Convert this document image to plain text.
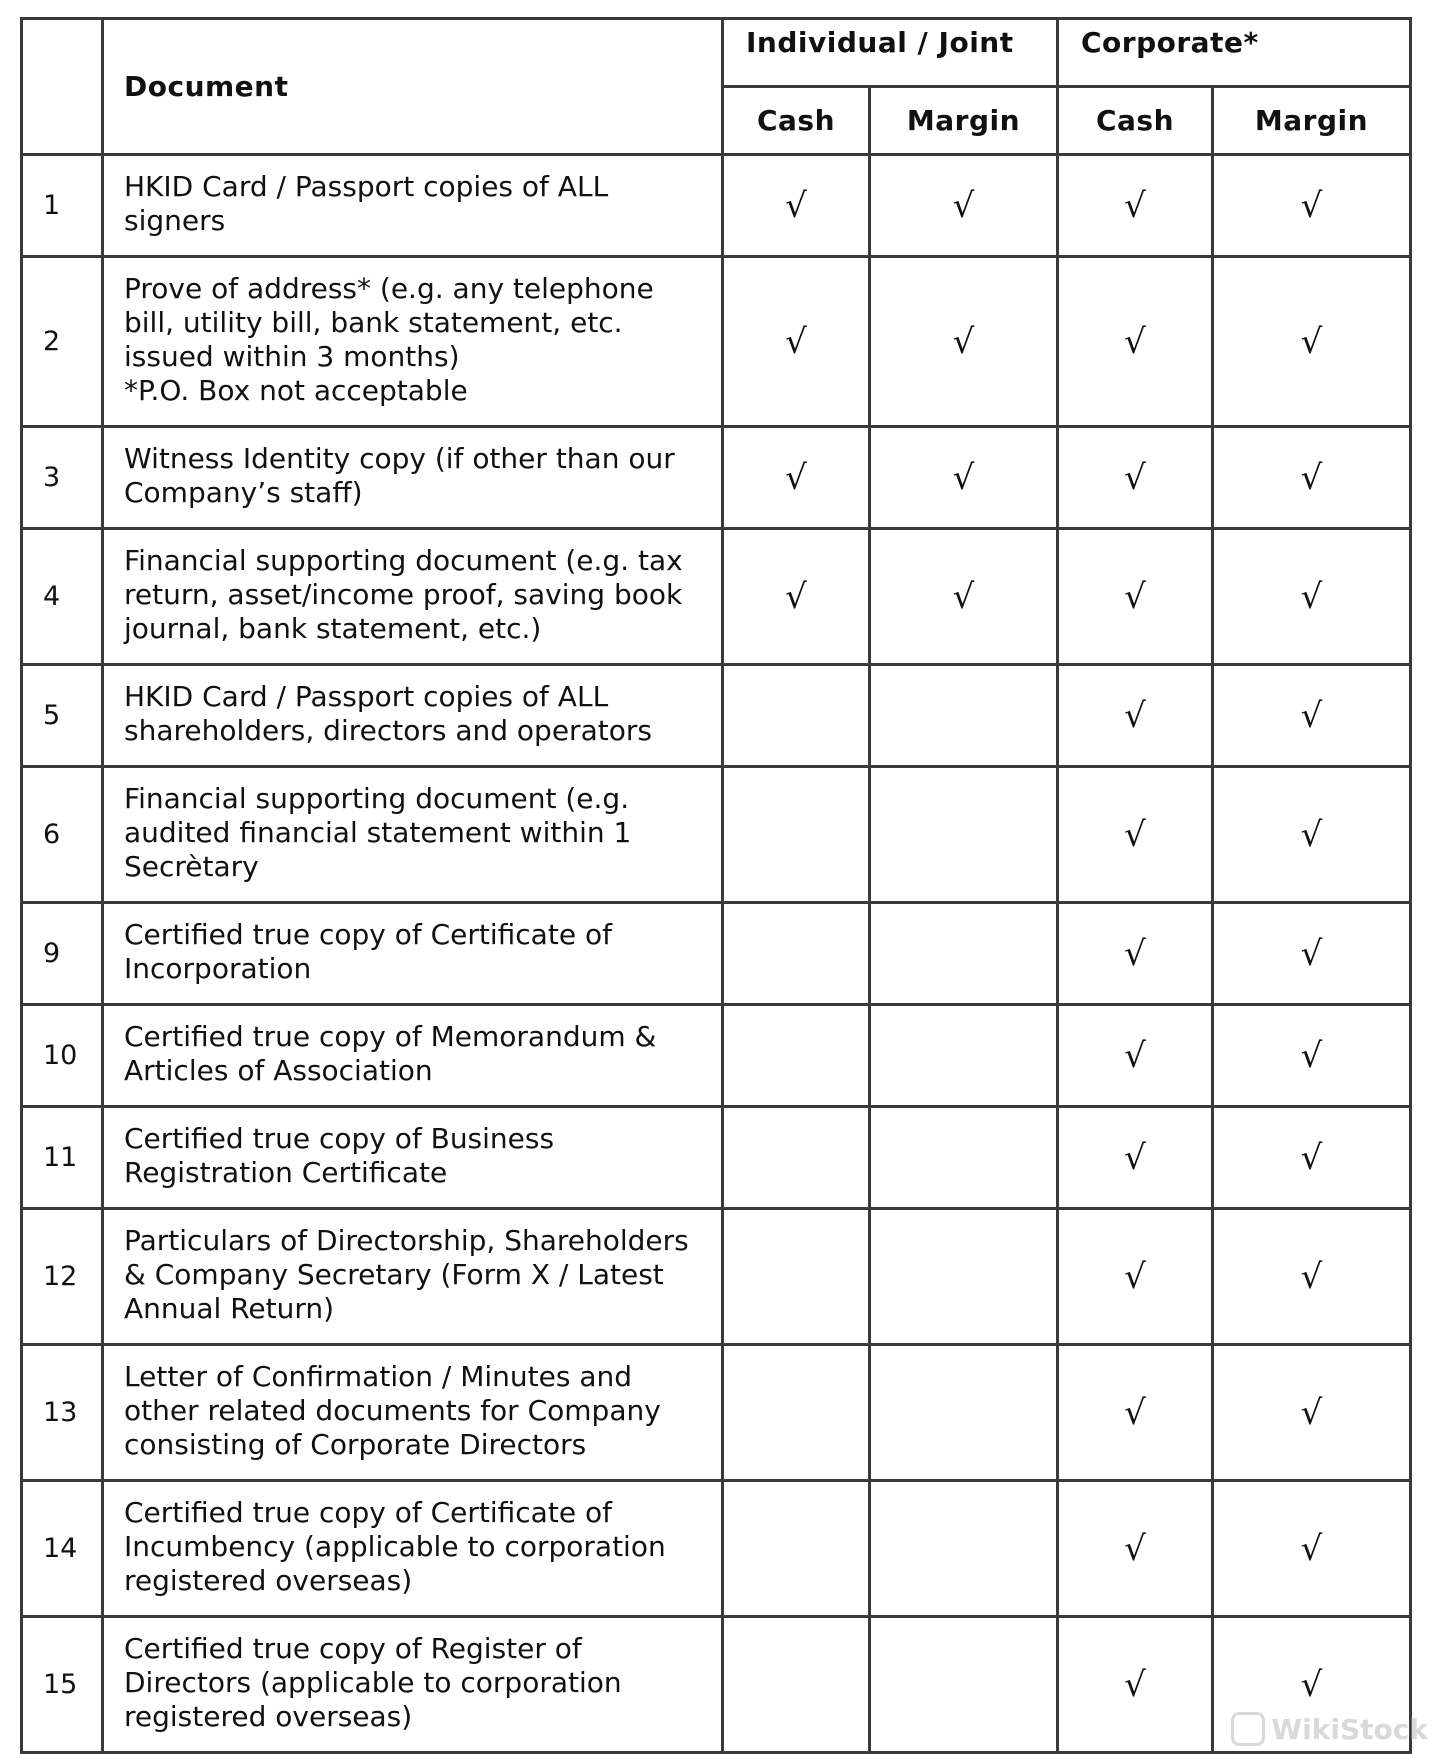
	Document	Individual / Joint		Corporate*	
		Cash	Margin	Cash	Margin
1	HKID Card / Passport copies of ALL
signers	√	√	√	√
2	Prove of address* (e.g. any telephone
bill, utility bill, bank statement, etc.
issued within 3 months)
*P.O. Box not acceptable	√	√	√	√
3	Witness Identity copy (if other than our
Company’s staff)	√	√	√	√
4	Financial supporting document (e.g. tax
return, asset/income proof, saving book
journal, bank statement, etc.)	√	√	√	√
5	HKID Card / Passport copies of ALL
shareholders, directors and operators			√	√
6	Financial supporting document (e.g.
audited financial statement within 1
Secrètary			√	√
9	Certified true copy of Certificate of
Incorporation			√	√
10	Certified true copy of Memorandum &
Articles of Association			√	√
11	Certified true copy of Business
Registration Certificate			√	√
12	Particulars of Directorship, Shareholders
& Company Secretary (Form X / Latest
Annual Return)			√	√
13	Letter of Confirmation / Minutes and
other related documents for Company
consisting of Corporate Directors			√	√
14	Certified true copy of Certificate of
Incumbency (applicable to corporation
registered overseas)			√	√
15	Certified true copy of Register of
Directors (applicable to corporation
registered overseas)			√	√
WikiStock
